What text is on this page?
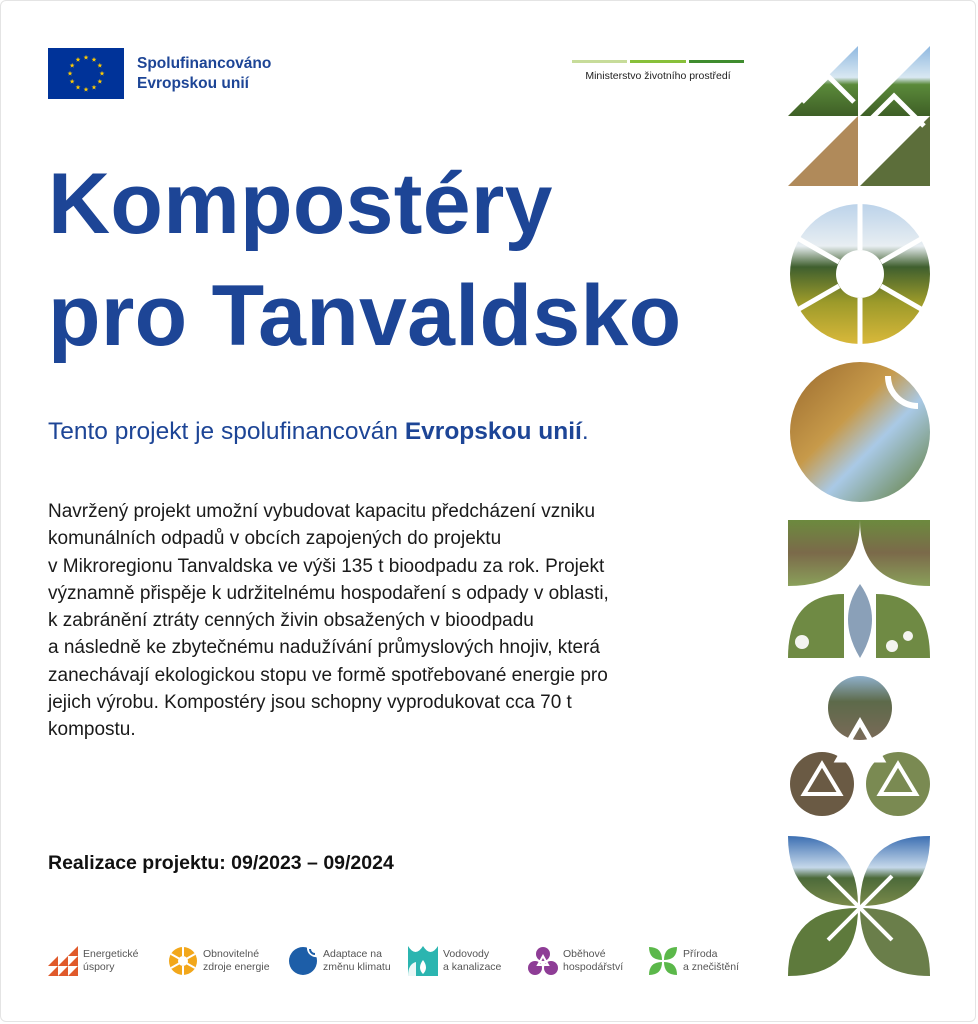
Spolufinancováno
Evropskou unií	Ministerstvo životního prostředí
Kompostéry
pro Tanvaldsko

Tento projekt je spolufinancován Evropskou unií.

Navržený projekt umožní vybudovat kapacitu předcházení vzniku
komunálních odpadů v obcích zapojených do projektu
v Mikroregionu Tanvaldska ve výši 135 t bioodpadu za rok. Projekt
významně přispěje k udržitelnému hospodaření s odpady v oblasti,
k zabránění ztráty cenných živin obsažených v bioodpadu
a následně ke zbytečnému nadužívání průmyslových hnojiv, která
zanechávají ekologickou stopu ve formě spotřebované energie pro
jejich výrobu. Kompostéry jsou schopny vyprodukovat cca 70 t
kompostu.

Realizace projektu: 09/2023 – 09/2024

Energetické
úspory
Obnovitelné
zdroje energie
Adaptace na
změnu klimatu
Vodovody
a kanalizace
Oběhové
hospodářství
Příroda
a znečištění
